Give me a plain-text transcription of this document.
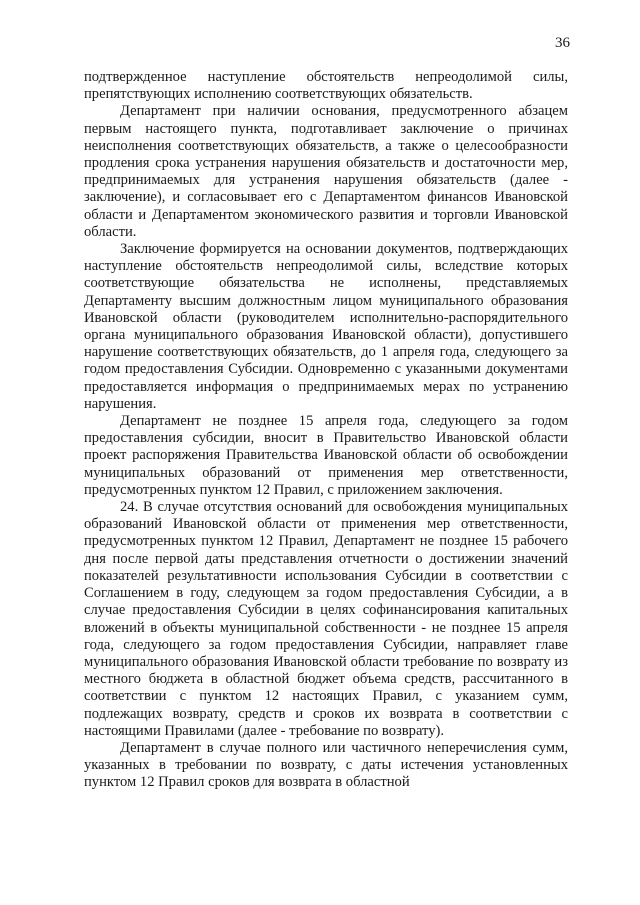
36

подтвержденное наступление обстоятельств непреодолимой силы, препятствующих исполнению соответствующих обязательств.

Департамент при наличии основания, предусмотренного абзацем первым настоящего пункта, подготавливает заключение о причинах неисполнения соответствующих обязательств, а также о целесообразности продления срока устранения нарушения обязательств и достаточности мер, предпринимаемых для устранения нарушения обязательств (далее - заключение), и согласовывает его с Департаментом финансов Ивановской области и Департаментом экономического развития и торговли Ивановской области.

Заключение формируется на основании документов, подтверждающих наступление обстоятельств непреодолимой силы, вследствие которых соответствующие обязательства не исполнены, представляемых Департаменту высшим должностным лицом муниципального образования Ивановской области (руководителем исполнительно-распорядительного органа муниципального образования Ивановской области), допустившего нарушение соответствующих обязательств, до 1 апреля года, следующего за годом предоставления Субсидии. Одновременно с указанными документами предоставляется информация о предпринимаемых мерах по устранению нарушения.

Департамент не позднее 15 апреля года, следующего за годом предоставления субсидии, вносит в Правительство Ивановской области проект распоряжения Правительства Ивановской области об освобождении муниципальных образований от применения мер ответственности, предусмотренных пунктом 12 Правил, с приложением заключения.

24. В случае отсутствия оснований для освобождения муниципальных образований Ивановской области от применения мер ответственности, предусмотренных пунктом 12 Правил, Департамент не позднее 15 рабочего дня после первой даты представления отчетности о достижении значений показателей результативности использования Субсидии в соответствии с Соглашением в году, следующем за годом предоставления Субсидии, а в случае предоставления Субсидии в целях софинансирования капитальных вложений в объекты муниципальной собственности - не позднее 15 апреля года, следующего за годом предоставления Субсидии, направляет главе муниципального образования Ивановской области требование по возврату из местного бюджета в областной бюджет объема средств, рассчитанного в соответствии с пунктом 12 настоящих Правил, с указанием сумм, подлежащих возврату, средств и сроков их возврата в соответствии с настоящими Правилами (далее - требование по возврату).

Департамент в случае полного или частичного неперечисления сумм, указанных в требовании по возврату, с даты истечения установленных пунктом 12 Правил сроков для возврата в областной
